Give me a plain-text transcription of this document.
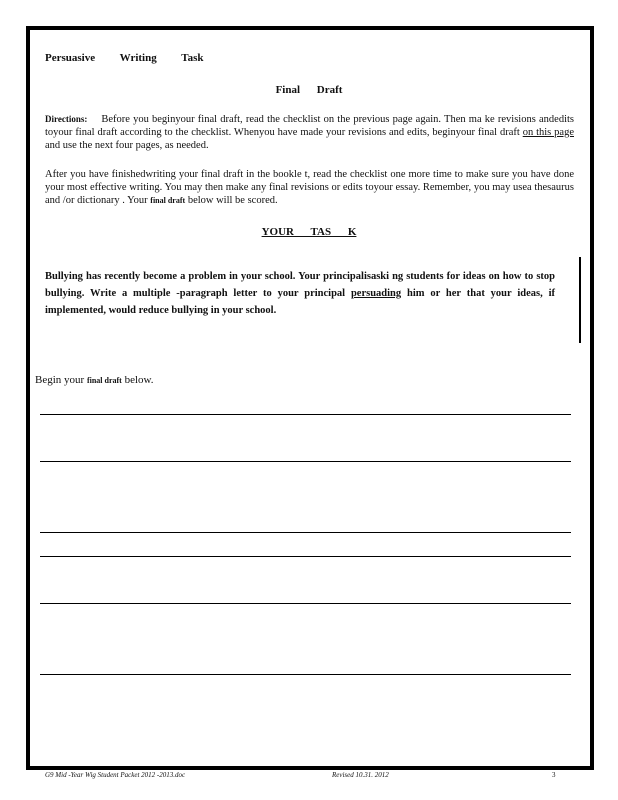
Persuasive Writing Task
Final Draft
Directions: Before you beginyour final draft, read the checklist on the previous page again. Then ma ke revisions andedits toyour final draft according to the checklist. Whenyou have made your revisions and edits, beginyour final draft on this page and use the next four pages, as needed.
After you have finishedwriting your final draft in the bookle t, read the checklist one more time to make sure you have done your most effective writing. You may then make any final revisions or edits toyour essay. Remember, you may usea thesaurus and /or dictionary . Your final draft below will be scored.
YOUR TAS K
Bullying has recently become a problem in your school. Your principalisaski ng students for ideas on how to stop bullying. Write a multiple -paragraph letter to your principal persuading him or her that your ideas, if implemented, would reduce bullying in your school.
Begin your final draft below.
G9 Mid -Year Wig Student Packet 2012 -2013.doc	Revised 10.31. 2012	3
